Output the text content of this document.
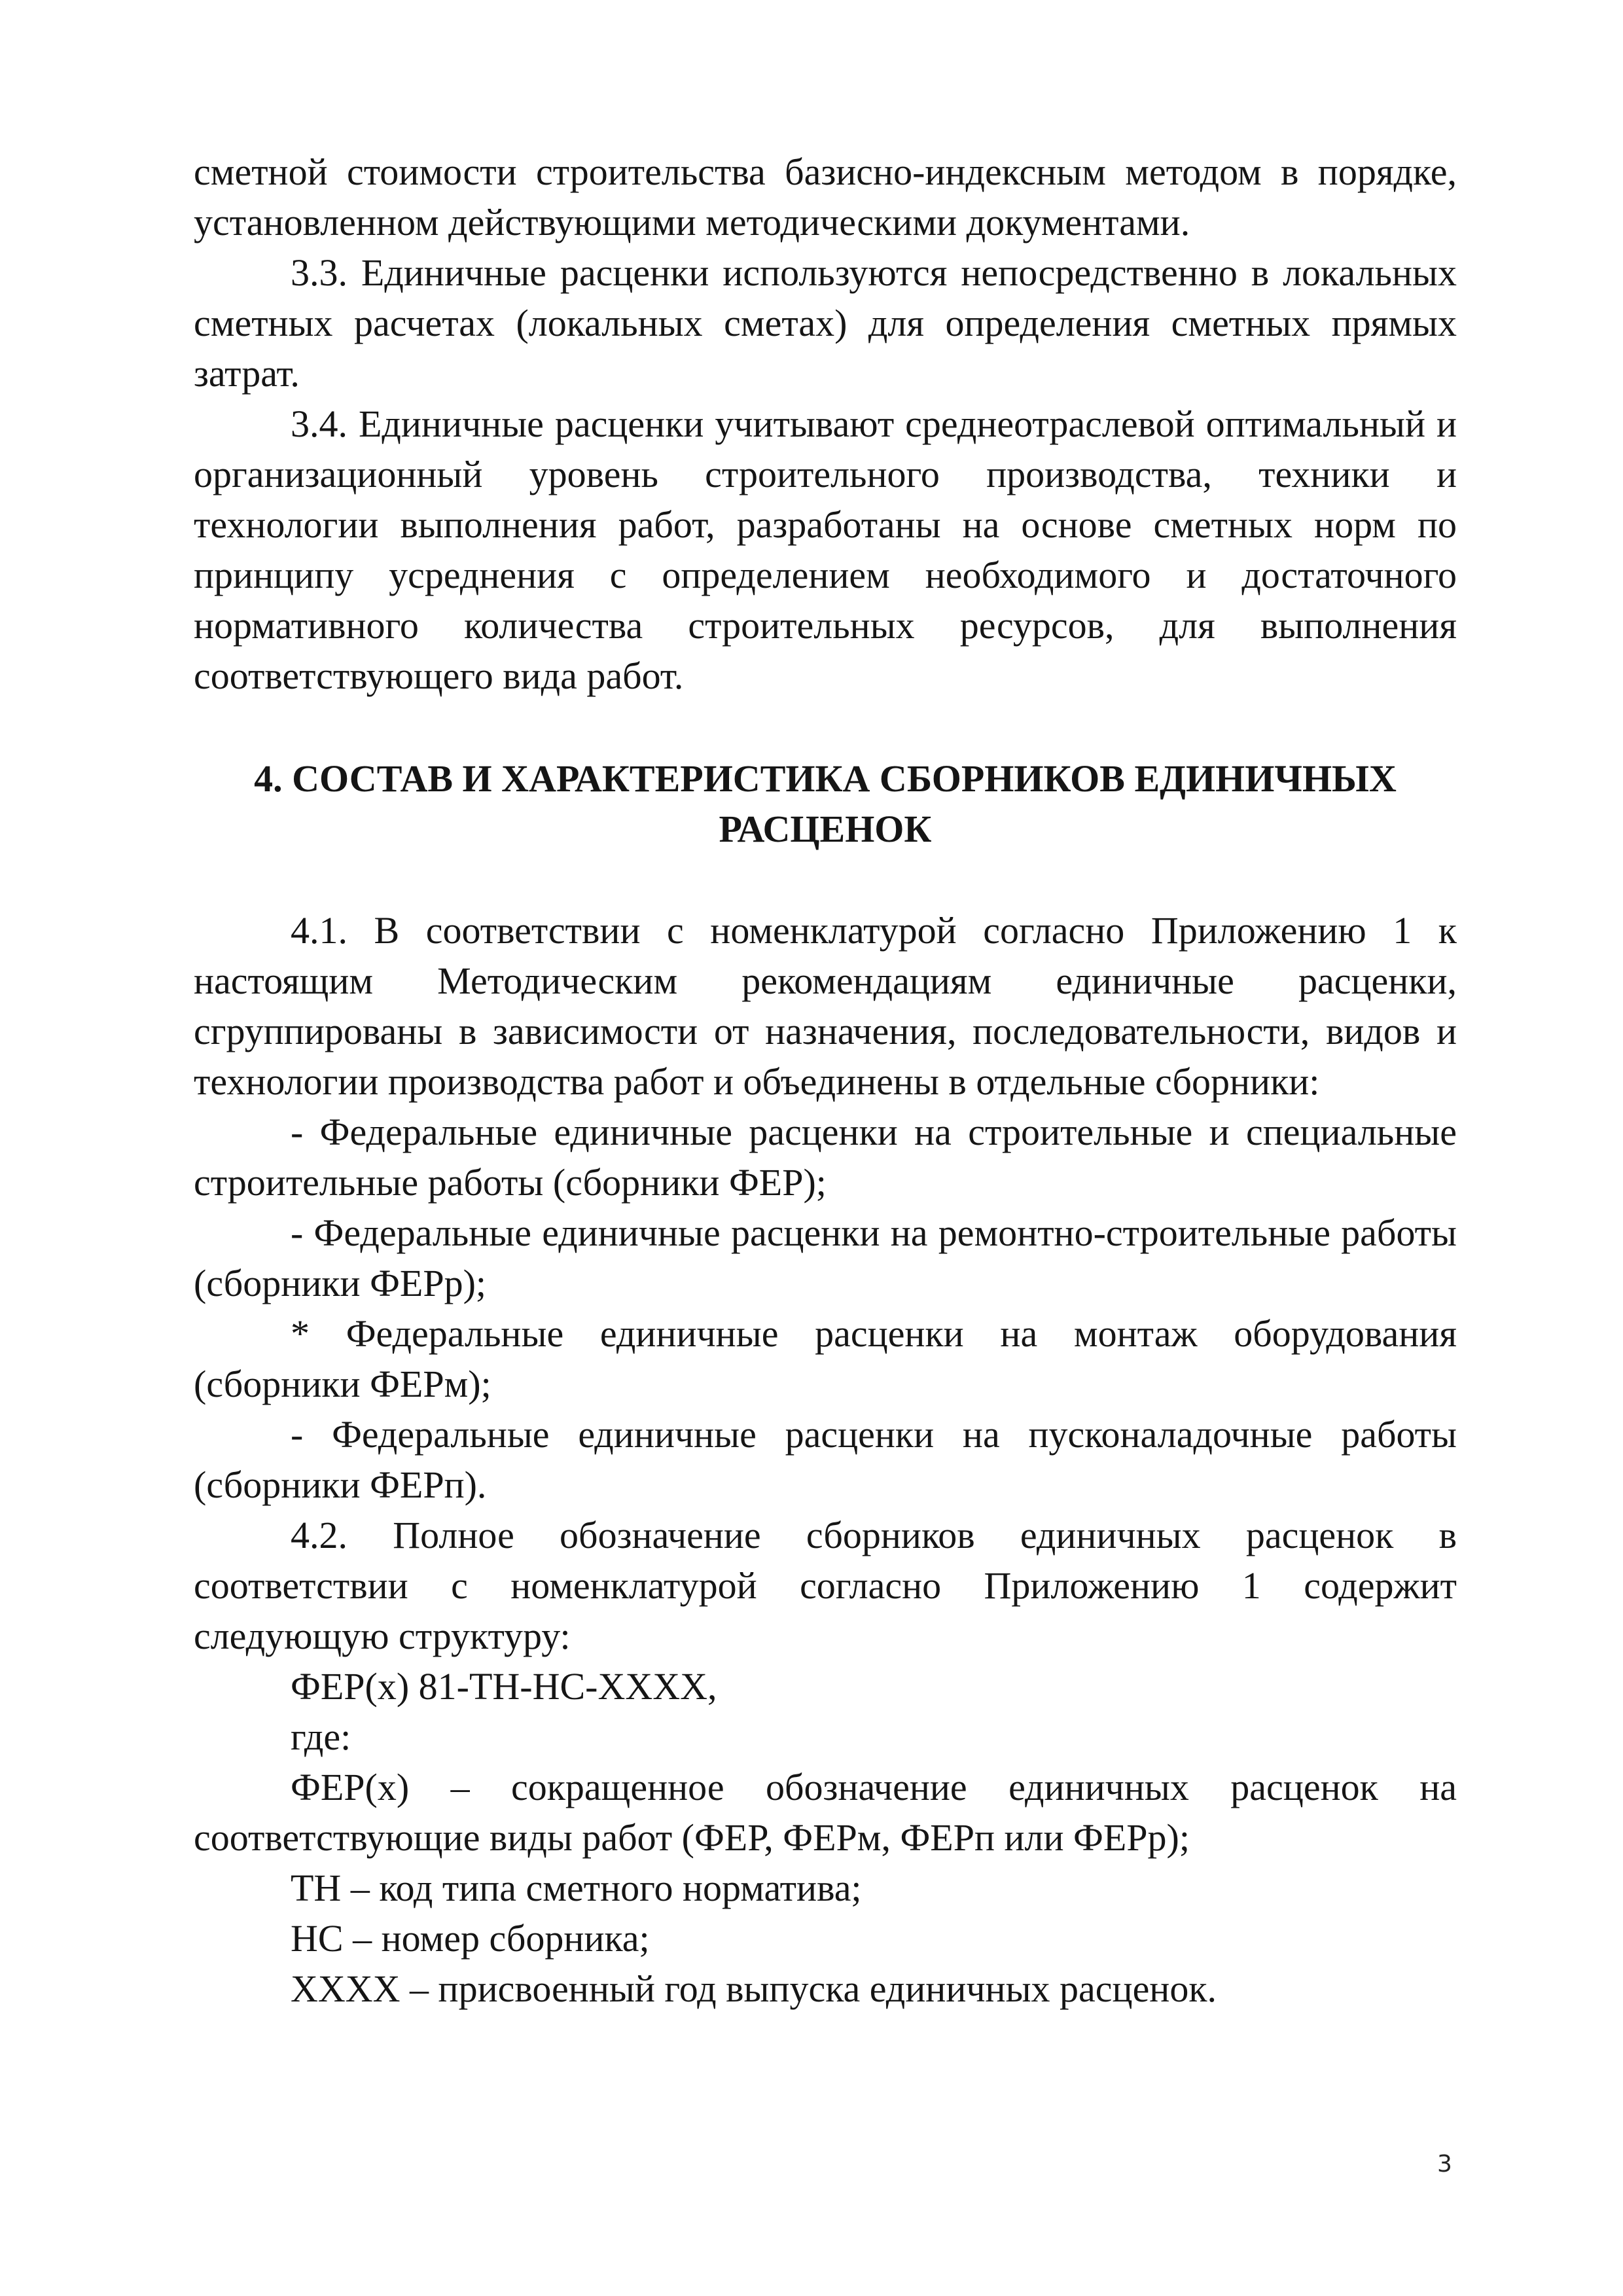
сметной стоимости строительства базисно-индексным методом в порядке, установленном действующими методическими документами.

3.3. Единичные расценки используются непосредственно в локальных сметных расчетах (локальных сметах) для определения сметных прямых затрат.

3.4. Единичные расценки учитывают среднеотраслевой оптимальный и организационный уровень строительного производства, техники и технологии выполнения работ, разработаны на основе сметных норм по принципу усреднения с определением необходимого и достаточного нормативного количества строительных ресурсов, для выполнения соответствующего вида работ.

4. СОСТАВ И ХАРАКТЕРИСТИКА СБОРНИКОВ ЕДИНИЧНЫХ
РАСЦЕНОК

4.1. В соответствии с номенклатурой согласно Приложению 1 к настоящим Методическим рекомендациям единичные расценки, сгруппированы в зависимости от назначения, последовательности, видов и технологии производства работ и объединены в отдельные сборники:

- Федеральные единичные расценки на строительные и специальные строительные работы (сборники ФЕР);

- Федеральные единичные расценки на ремонтно-строительные работы (сборники ФЕРр);

* Федеральные единичные расценки на монтаж оборудования (сборники ФЕРм);

- Федеральные единичные расценки на пусконаладочные работы (сборники ФЕРп).

4.2. Полное обозначение сборников единичных расценок в соответствии с номенклатурой согласно Приложению 1 содержит следующую структуру:

ФЕР(х) 81-ТН-НС-ХХХХ,

где:

ФЕР(х) – сокращенное обозначение единичных расценок на соответствующие виды работ (ФЕР, ФЕРм, ФЕРп или ФЕРр);

ТН – код типа сметного норматива;

НС – номер сборника;

ХХХХ – присвоенный год выпуска единичных расценок.

3
